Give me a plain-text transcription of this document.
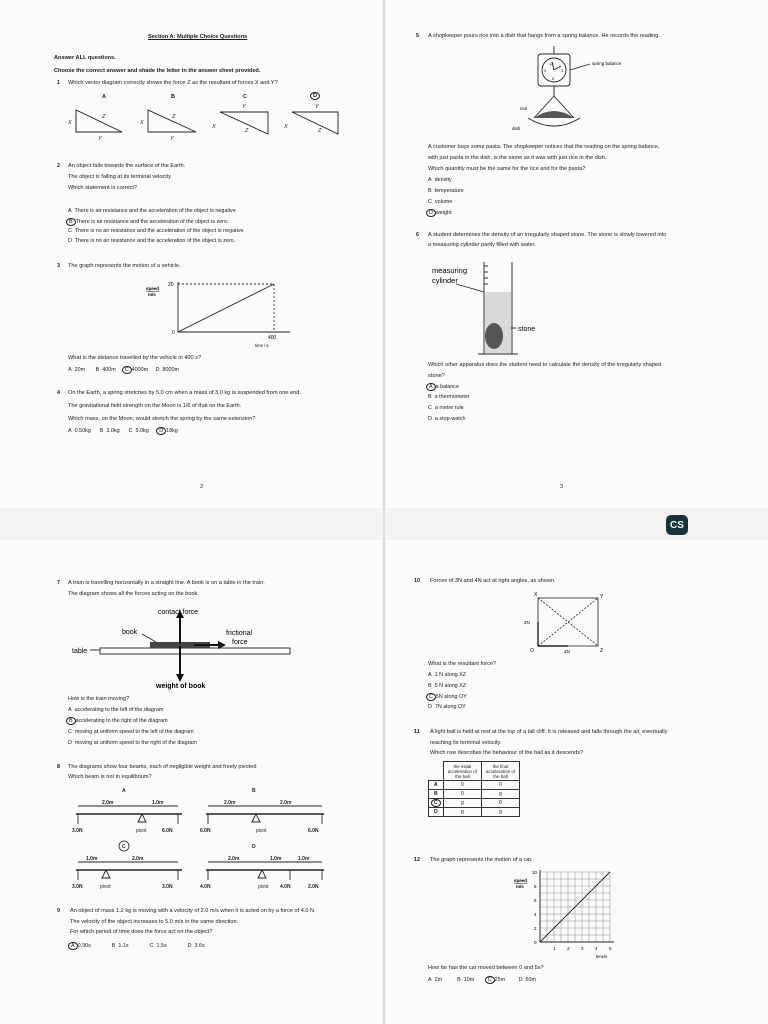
Section A: Multiple Choice Questions
Answer ALL questions.
Choose the correct answer and shade the letter in the answer sheet provided.
1 Which vector diagram correctly shows the force Z as the resultant of forces X and Y?
A	B	C	D
X
Z
Y
X
Z
Y
X
Y
Z
X
Y
Z
2 An object falls towards the surface of the Earth.
The object is falling at its terminal velocity
Which statement is correct?
A There is air resistance and the acceleration of the object is negative
B There is air resistance and the acceleration of the object is zero.
C There is no air resistance and the acceleration of the object is negative
D There is no air resistance and the acceleration of the object is zero.
3 The graph represents the motion of a vehicle.
speed
m/s
20
0
400
time / s
What is the distance travelled by the vehicle in 400 s?
A 20m B 400m C 4000m D 8000m
4 On the Earth, a spring stretches by 5.0 cm when a mass of 3.0 kg is suspended from one end.
The gravitational field strength on the Moon is 1/6 of that on the Earth.
Which mass, on the Moon, would stretch the spring by the same extension?
A 0.50kg B 3.0kg C 5.0kg D 18kg
2
5 A shopkeeper pours rice into a dish that hangs from a spring balance. He records the reading.
12
9	3
6
spring balance
rice
dish
A customer buys some pasta. The shopkeeper notices that the reading on the spring balance,
with just pasta in the dish, is the same as it was with just rice in the dish.
Which quantity must be the same for the rice and for the pasta?
A density
B temperature
C volume
D weight
6 A student determines the density of an irregularly shaped stone. The stone is slowly lowered into
a measuring cylinder partly filled with water.
measuring
cylinder
stone
Which other apparatus does the student need to calculate the density of the irregularly shaped
stone?
A a balance
B a thermometer
C a metre rule
D a stop-watch
3
CS
7 A train is travelling horizontally in a straight line. A book is on a table in the train.
The diagram shows all the forces acting on the book.
contact force
book	frictional
force
table
weight of book
How is the train moving?
A accelerating to the left of the diagram
B accelerating to the right of the diagram
C moving at uniform speed to the left of the diagram
D moving at uniform speed to the right of the diagram
8 The diagrams show four beams, each of negligible weight and freely pivoted
Which beam is not in equilibrium?
A
2.0m	1.0m
3.0N	pivot	6.0N
B
2.0m	2.0m
6.0N	pivot	6.0N
C
1.0m	2.0m
3.0N	pivot	3.0N
D
2.0m	1.0m	1.0m
4.0N	pivot 4.0N	2.0N
9 An object of mass 1.2 kg is moving with a velocity of 2.0 m/s when it is acted on by a force of 4.0 N.
The velocity of the object increases to 5.0 m/s in the same direction.
For which period of time does the force act on the object?
A 0.90s	B 1.1s	C 1.5s	D 3.6s
10 Forces of 3N and 4N act at right angles, as shown.
X	Y
O	Z
3N
4N
What is the resultant force?
A 1 N along XZ
B 5 N along XZ
C 5N along OY
D 7N along OY
11 A light ball is held at rest at the top of a tall cliff. It is released and falls through the air, eventually
reaching its terminal velocity.
Which row describes the behaviour of the ball as it descends?
	the initial acceleration of the ball	the final acceleration of the ball
A	0	0
B	0	g
C	g	0
D	g	g
12 The graph represents the motion of a car.
speed
m/s
0
2
4
6
8
10
1	2	3	4	5
time/s
How far has the car moved between 0 and 5s?
A 2m	B 10m C 25m D 50m
